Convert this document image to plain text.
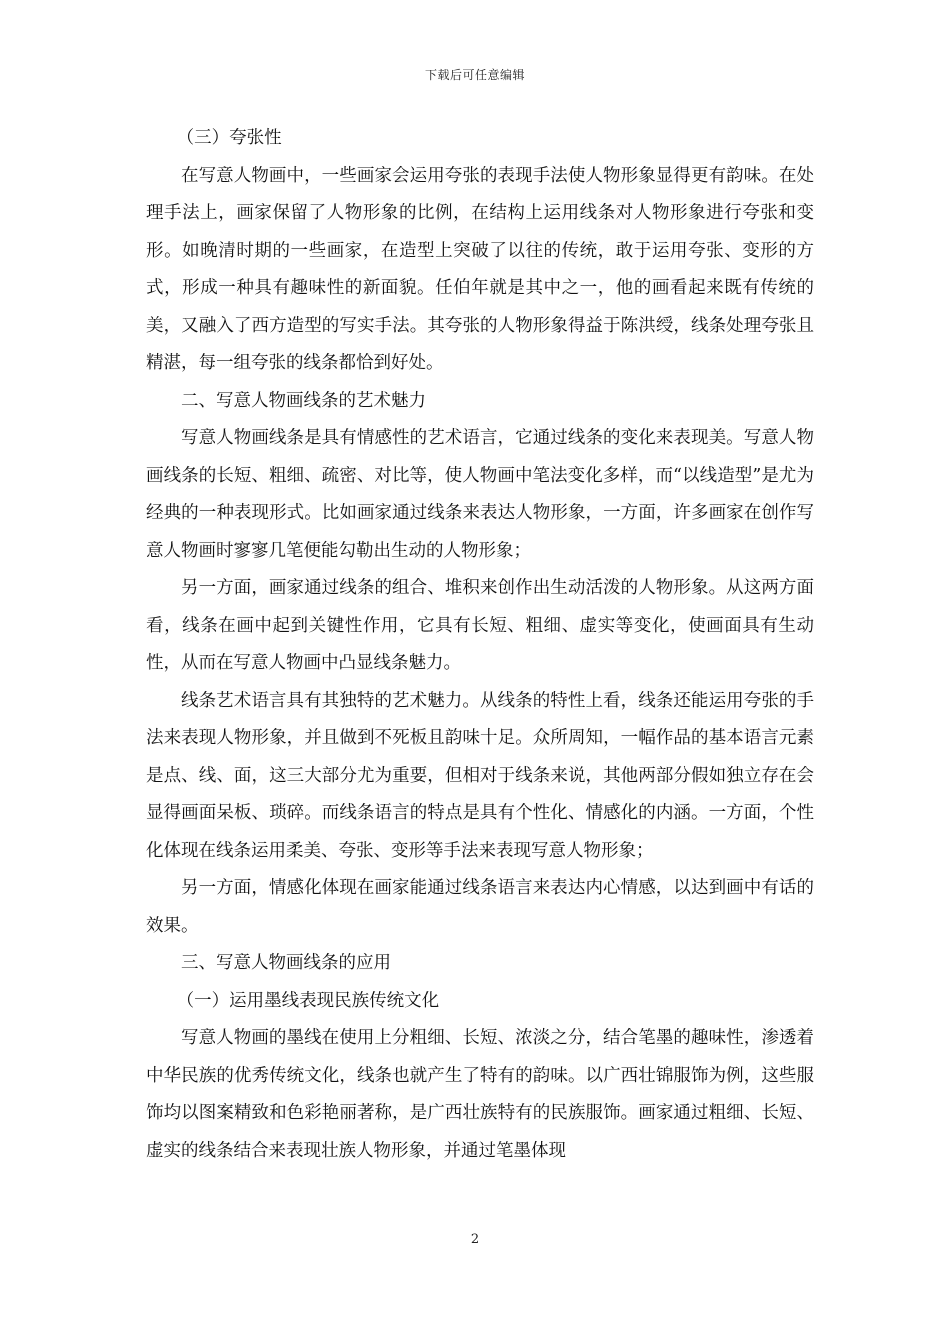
下载后可任意编辑

（三）夸张性

在写意人物画中，一些画家会运用夸张的表现手法使人物形象显得更有韵味。在处理手法上，画家保留了人物形象的比例，在结构上运用线条对人物形象进行夸张和变形。如晚清时期的一些画家，在造型上突破了以往的传统，敢于运用夸张、变形的方式，形成一种具有趣味性的新面貌。任伯年就是其中之一，他的画看起来既有传统的美，又融入了西方造型的写实手法。其夸张的人物形象得益于陈洪绶，线条处理夸张且精湛，每一组夸张的线条都恰到好处。

二、写意人物画线条的艺术魅力

写意人物画线条是具有情感性的艺术语言，它通过线条的变化来表现美。写意人物画线条的长短、粗细、疏密、对比等，使人物画中笔法变化多样，而“以线造型”是尤为经典的一种表现形式。比如画家通过线条来表达人物形象，一方面，许多画家在创作写意人物画时寥寥几笔便能勾勒出生动的人物形象；

另一方面，画家通过线条的组合、堆积来创作出生动活泼的人物形象。从这两方面看，线条在画中起到关键性作用，它具有长短、粗细、虚实等变化，使画面具有生动性，从而在写意人物画中凸显线条魅力。

线条艺术语言具有其独特的艺术魅力。从线条的特性上看，线条还能运用夸张的手法来表现人物形象，并且做到不死板且韵味十足。众所周知，一幅作品的基本语言元素是点、线、面，这三大部分尤为重要，但相对于线条来说，其他两部分假如独立存在会显得画面呆板、琐碎。而线条语言的特点是具有个性化、情感化的内涵。一方面，个性化体现在线条运用柔美、夸张、变形等手法来表现写意人物形象；

另一方面，情感化体现在画家能通过线条语言来表达内心情感，以达到画中有话的效果。

三、写意人物画线条的应用

（一）运用墨线表现民族传统文化

写意人物画的墨线在使用上分粗细、长短、浓淡之分，结合笔墨的趣味性，渗透着中华民族的优秀传统文化，线条也就产生了特有的韵味。以广西壮锦服饰为例，这些服饰均以图案精致和色彩艳丽著称，是广西壮族特有的民族服饰。画家通过粗细、长短、虚实的线条结合来表现壮族人物形象，并通过笔墨体现

2
